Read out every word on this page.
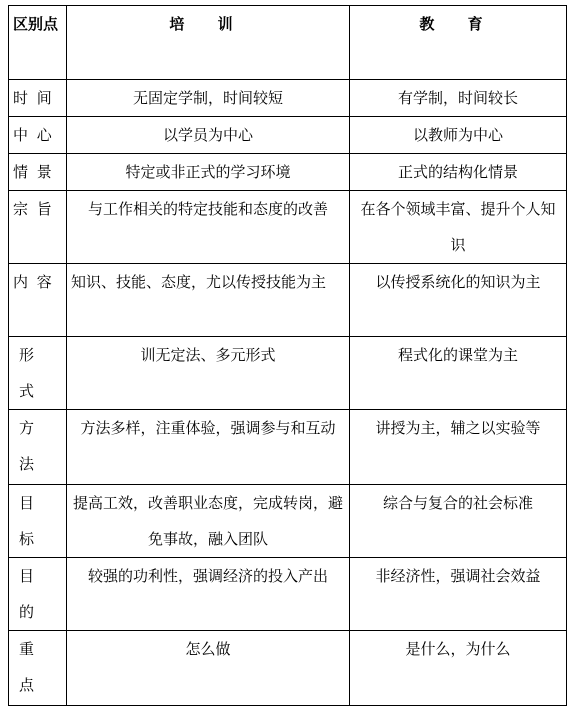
区别点	培 训	教 育
时 间	无固定学制，时间较短	有学制，时间较长
中 心	以学员为中心	以教师为中心
情 景	特定或非正式的学习环境	正式的结构化情景
宗 旨	与工作相关的特定技能和态度的改善	在各个领域丰富、提升个人知识
内 容	知识、技能、态度，尤以传授技能为主	以传授系统化的知识为主

形 式	训无定法、多元形式	程式化的课堂为主

方 法	方法多样，注重体验，强调参与和互动	讲授为主，辅之以实验等

目 标	提高工效，改善职业态度，完成转岗，避免事故，融入团队	综合与复合的社会标准

目 的	较强的功利性，强调经济的投入产出	非经济性，强调社会效益

重 点	怎么做	是什么，为什么
